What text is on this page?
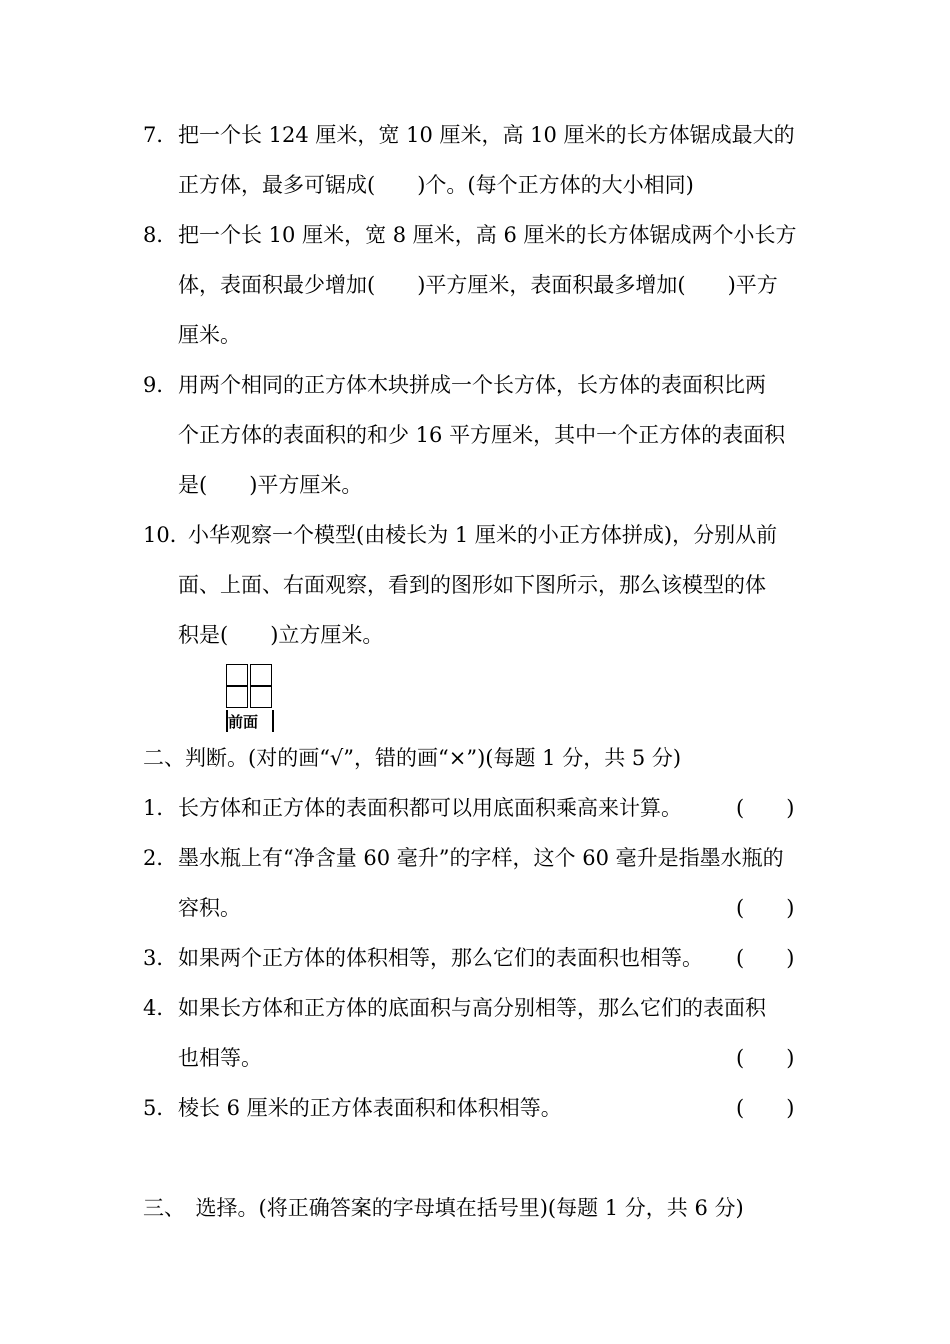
7． 把一个长 124 厘米，宽 10 厘米，高 10 厘米的长方体锯成最大的
正方体，最多可锯成(　　)个。(每个正方体的大小相同)
8． 把一个长 10 厘米，宽 8 厘米，高 6 厘米的长方体锯成两个小长方
体，表面积最少增加(　　)平方厘米，表面积最多增加(　　)平方
厘米。
9． 用两个相同的正方体木块拼成一个长方体，长方体的表面积比两
个正方体的表面积的和少 16 平方厘米，其中一个正方体的表面积
是(　　)平方厘米。
10．
小华观察一个模型(由棱长为 1 厘米的小正方体拼成)，分别从前
面、上面、右面观察，看到的图形如下图所示，那么该模型的体
积是(　　)立方厘米。
前面
二、判断。(对的画“√”，错的画“×”)(每题 1 分，共 5 分)
1． 长方体和正方体的表面积都可以用底面积乘高来计算。	(　　)
2． 墨水瓶上有“净含量 60 毫升”的字样，这个 60 毫升是指墨水瓶的
容积。	(　　)
3． 如果两个正方体的体积相等，那么它们的表面积也相等。 (　　)
4． 如果长方体和正方体的底面积与高分别相等，那么它们的表面积
也相等。	(　　)
5． 棱长 6 厘米的正方体表面积和体积相等。	(　　)
三、　选择。(将正确答案的字母填在括号里)(每题 1 分，共 6 分)
